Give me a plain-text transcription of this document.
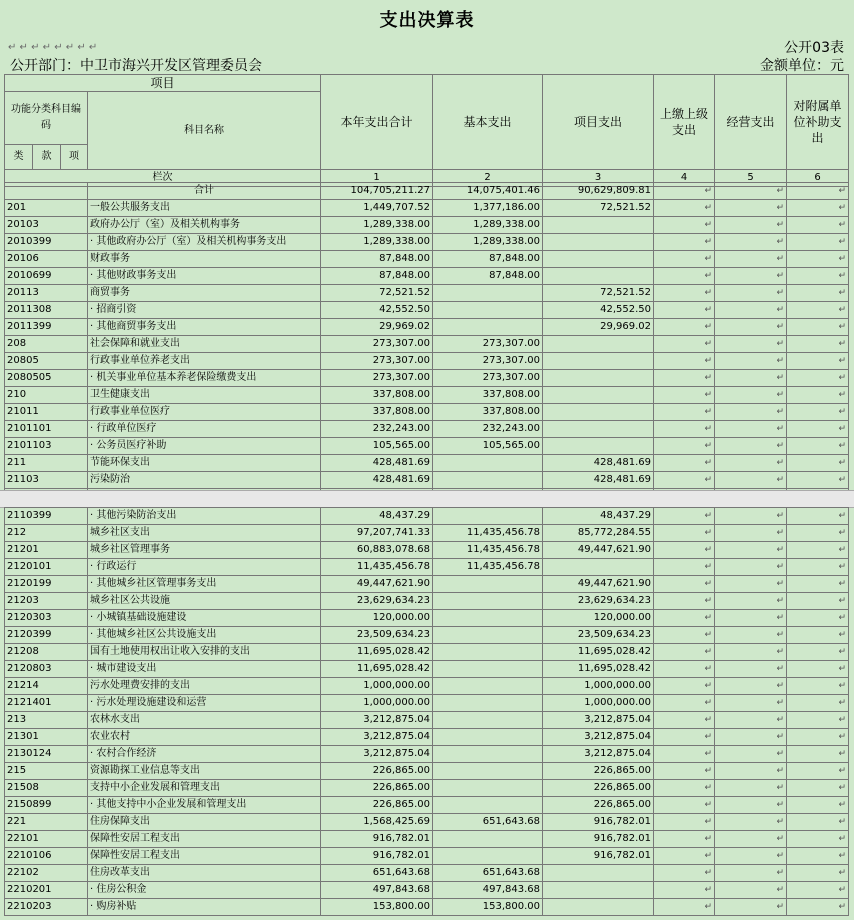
支出决算表
↵ ↵ ↵ ↵ ↵ ↵ ↵ ↵	公开03表
公开部门：中卫市海兴开发区管理委员会	金额单位：元
项目				本年支出合计	基本支出	项目支出	上缴上级支出	经营支出	对附属单位补助支出
功能分类科目编码			科目名称						
类	款	项							
栏次				1	2	3	4	5	6
	合计	104,705,211.27	14,075,401.46	90,629,809.81	↵	↵	↵
201	一般公共服务支出	1,449,707.52	1,377,186.00	72,521.52	↵	↵	↵
20103	政府办公厅（室）及相关机构事务	1,289,338.00	1,289,338.00		↵	↵	↵
2010399	· 其他政府办公厅（室）及相关机构事务支出	1,289,338.00	1,289,338.00		↵	↵	↵
20106	财政事务	87,848.00	87,848.00		↵	↵	↵
2010699	· 其他财政事务支出	87,848.00	87,848.00		↵	↵	↵
20113	商贸事务	72,521.52		72,521.52	↵	↵	↵
2011308	· 招商引资	42,552.50		42,552.50	↵	↵	↵
2011399	· 其他商贸事务支出	29,969.02		29,969.02	↵	↵	↵
208	社会保障和就业支出	273,307.00	273,307.00		↵	↵	↵
20805	行政事业单位养老支出	273,307.00	273,307.00		↵	↵	↵
2080505	· 机关事业单位基本养老保险缴费支出	273,307.00	273,307.00		↵	↵	↵
210	卫生健康支出	337,808.00	337,808.00		↵	↵	↵
21011	行政事业单位医疗	337,808.00	337,808.00		↵	↵	↵
2101101	· 行政单位医疗	232,243.00	232,243.00		↵	↵	↵
2101103	· 公务员医疗补助	105,565.00	105,565.00		↵	↵	↵
211	节能环保支出	428,481.69		428,481.69	↵	↵	↵
21103	污染防治	428,481.69		428,481.69	↵	↵	↵

2110399	· 其他污染防治支出	48,437.29		48,437.29	↵	↵	↵
212	城乡社区支出	97,207,741.33	11,435,456.78	85,772,284.55	↵	↵	↵
21201	城乡社区管理事务	60,883,078.68	11,435,456.78	49,447,621.90	↵	↵	↵
2120101	· 行政运行	11,435,456.78	11,435,456.78		↵	↵	↵
2120199	· 其他城乡社区管理事务支出	49,447,621.90		49,447,621.90	↵	↵	↵
21203	城乡社区公共设施	23,629,634.23		23,629,634.23	↵	↵	↵
2120303	· 小城镇基础设施建设	120,000.00		120,000.00	↵	↵	↵
2120399	· 其他城乡社区公共设施支出	23,509,634.23		23,509,634.23	↵	↵	↵
21208	国有土地使用权出让收入安排的支出	11,695,028.42		11,695,028.42	↵	↵	↵
2120803	· 城市建设支出	11,695,028.42		11,695,028.42	↵	↵	↵
21214	污水处理费安排的支出	1,000,000.00		1,000,000.00	↵	↵	↵
2121401	· 污水处理设施建设和运营	1,000,000.00		1,000,000.00	↵	↵	↵
213	农林水支出	3,212,875.04		3,212,875.04	↵	↵	↵
21301	农业农村	3,212,875.04		3,212,875.04	↵	↵	↵
2130124	· 农村合作经济	3,212,875.04		3,212,875.04	↵	↵	↵
215	资源勘探工业信息等支出	226,865.00		226,865.00	↵	↵	↵
21508	支持中小企业发展和管理支出	226,865.00		226,865.00	↵	↵	↵
2150899	· 其他支持中小企业发展和管理支出	226,865.00		226,865.00	↵	↵	↵
221	住房保障支出	1,568,425.69	651,643.68	916,782.01	↵	↵	↵
22101	保障性安居工程支出	916,782.01		916,782.01	↵	↵	↵
2210106	保障性安居工程支出	916,782.01		916,782.01	↵	↵	↵
22102	住房改革支出	651,643.68	651,643.68		↵	↵	↵
2210201	· 住房公积金	497,843.68	497,843.68		↵	↵	↵
2210203	· 购房补贴	153,800.00	153,800.00		↵	↵	↵
